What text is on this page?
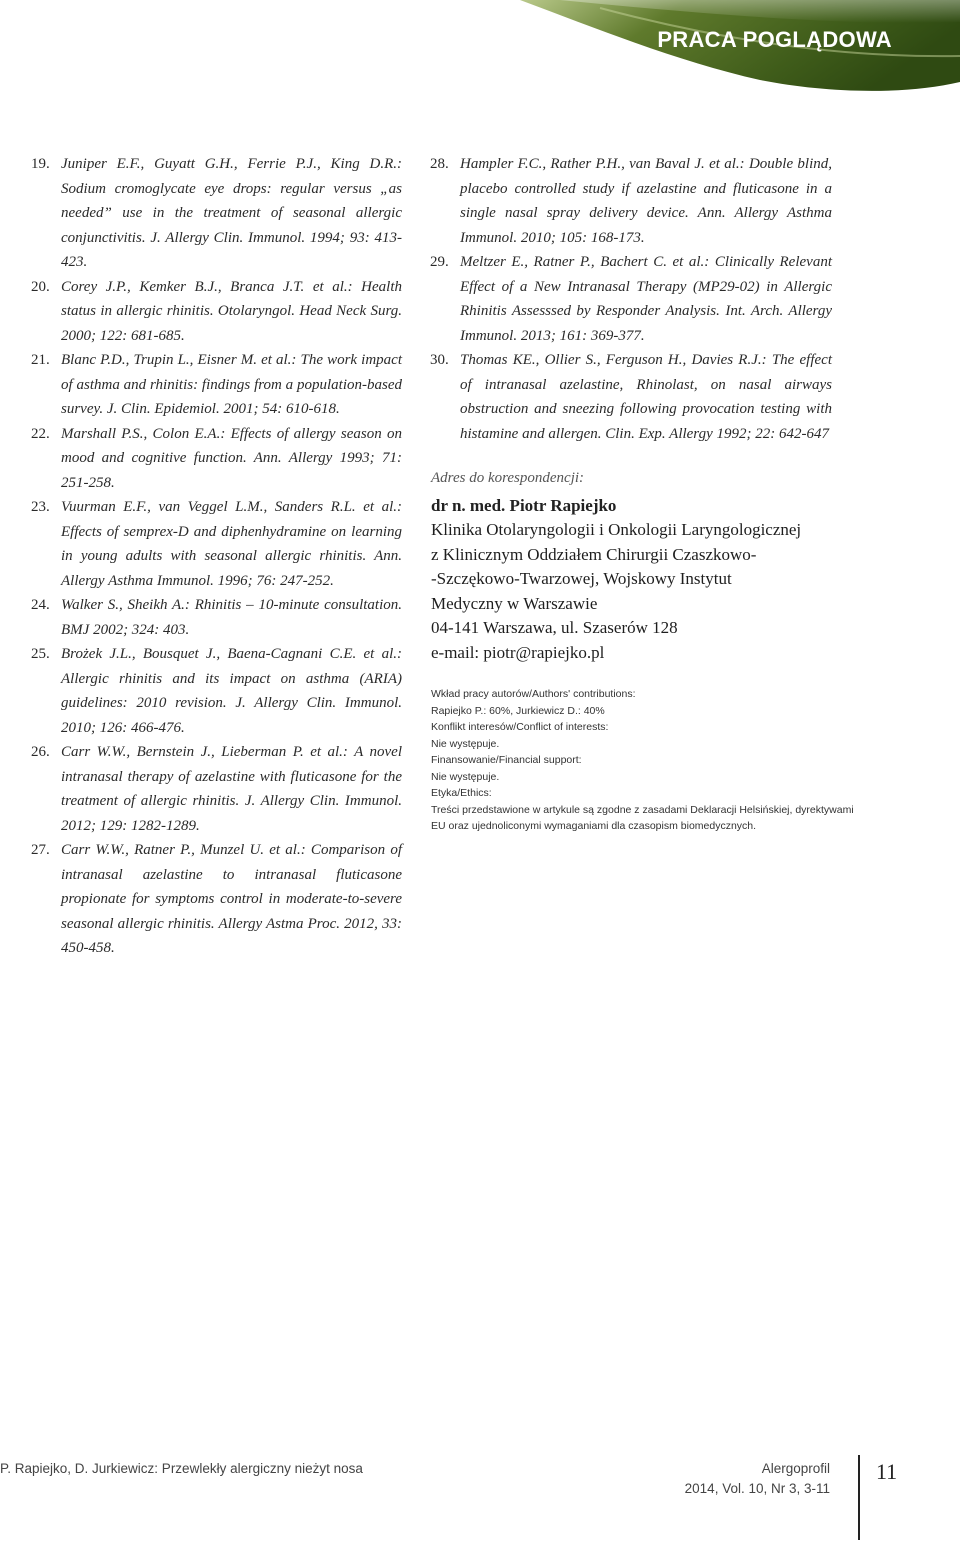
PRACA POGLĄDOWA
19. Juniper E.F., Guyatt G.H., Ferrie P.J., King D.R.: Sodium cromoglycate eye drops: regular versus „as needed” use in the treatment of seasonal allergic conjunctivitis. J. Allergy Clin. Immunol. 1994; 93: 413-423.
20. Corey J.P., Kemker B.J., Branca J.T. et al.: Health status in allergic rhinitis. Otolaryngol. Head Neck Surg. 2000; 122: 681-685.
21. Blanc P.D., Trupin L., Eisner M. et al.: The work impact of asthma and rhinitis: findings from a population-based survey. J. Clin. Epidemiol. 2001; 54: 610-618.
22. Marshall P.S., Colon E.A.: Effects of allergy season on mood and cognitive function. Ann. Allergy 1993; 71: 251-258.
23. Vuurman E.F., van Veggel L.M., Sanders R.L. et al.: Effects of semprex-D and diphenhydramine on learning in young adults with seasonal allergic rhinitis. Ann. Allergy Asthma Immunol. 1996; 76: 247-252.
24. Walker S., Sheikh A.: Rhinitis – 10-minute consultation. BMJ 2002; 324: 403.
25. Brożek J.L., Bousquet J., Baena-Cagnani C.E. et al.: Allergic rhinitis and its impact on asthma (ARIA) guidelines: 2010 revision. J. Allergy Clin. Immunol. 2010; 126: 466-476.
26. Carr W.W., Bernstein J., Lieberman P. et al.: A novel intranasal therapy of azelastine with fluticasone for the treatment of allergic rhinitis. J. Allergy Clin. Immunol. 2012; 129: 1282-1289.
27. Carr W.W., Ratner P., Munzel U. et al.: Comparison of intranasal azelastine to intranasal fluticasone propionate for symptoms control in moderate-to-severe seasonal allergic rhinitis. Allergy Astma Proc. 2012, 33: 450-458.
28. Hampler F.C., Rather P.H., van Baval J. et al.: Double blind, placebo controlled study if azelastine and fluticasone in a single nasal spray delivery device. Ann. Allergy Asthma Immunol. 2010; 105: 168-173.
29. Meltzer E., Ratner P., Bachert C. et al.: Clinically Relevant Effect of a New Intranasal Therapy (MP29-02) in Allergic Rhinitis Assesssed by Responder Analysis. Int. Arch. Allergy Immunol. 2013; 161: 369-377.
30. Thomas KE., Ollier S., Ferguson H., Davies R.J.: The effect of intranasal azelastine, Rhinolast, on nasal airways obstruction and sneezing following provocation testing with histamine and allergen. Clin. Exp. Allergy 1992; 22: 642-647
Adres do korespondencji:
dr n. med. Piotr Rapiejko
Klinika Otolaryngologii i Onkologii Laryngologicznej
z Klinicznym Oddziałem Chirurgii Czaszkowo-
-Szczękowo-Twarzowej, Wojskowy Instytut
Medyczny w Warszawie
04-141 Warszawa, ul. Szaserów 128
e-mail: piotr@rapiejko.pl
Wkład pracy autorów/Authors' contributions:
Rapiejko P.: 60%, Jurkiewicz D.: 40%
Konflikt interesów/Conflict of interests:
Nie występuje.
Finansowanie/Financial support:
Nie występuje.
Etyka/Ethics:
Treści przedstawione w artykule są zgodne z zasadami Deklaracji Helsińskiej, dyrektywami
EU oraz ujednoliconymi wymaganiami dla czasopism biomedycznych.
P. Rapiejko, D. Jurkiewicz: Przewlekły alergiczny nieżyt nosa	Alergoprofil
2014, Vol. 10, Nr 3, 3-11
11
